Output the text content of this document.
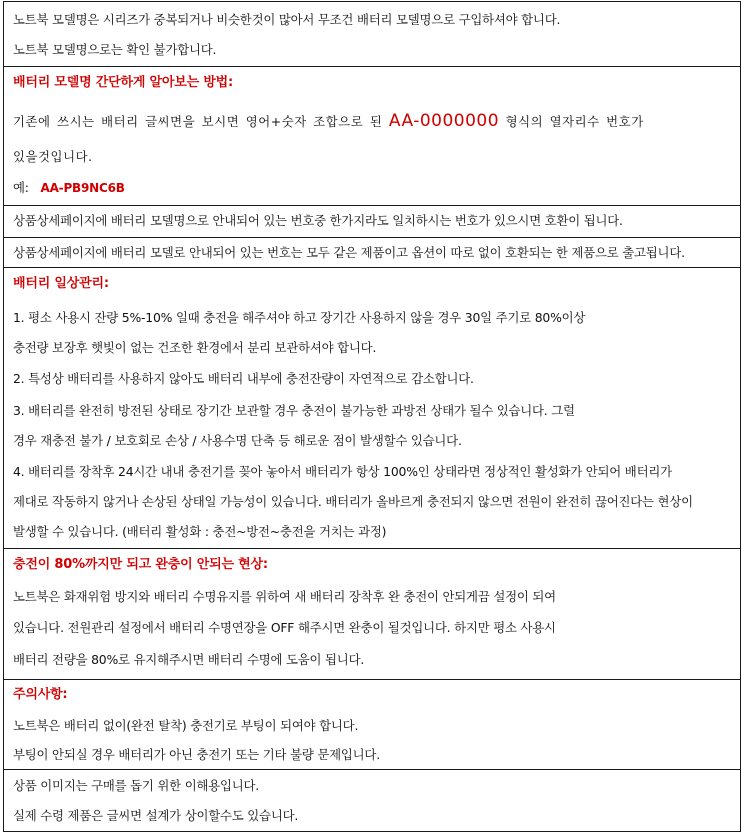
노트북 모델명은 시리즈가 중복되거나 비슷한것이 많아서 무조건 배터리 모델명으로 구입하셔야 합니다.
노트북 모델명으로는 확인 불가합니다.
배터리 모델명 간단하게 알아보는 방법:
기존에 쓰시는 배터리 글씨면을 보시면 영어+숫자 조합으로 된 AA-0000000 형식의 열자리수 번호가
있을것입니다.
예: AA-PB9NC6B
상품상세페이지에 배터리 모델명으로 안내되어 있는 번호중 한가지라도 일치하시는 번호가 있으시면 호환이 됩니다.
상품상세페이지에 배터리 모델로 안내되어 있는 번호는 모두 같은 제품이고 옵션이 따로 없이 호환되는 한 제품으로 출고됩니다.
배터리 일상관리:
1. 평소 사용시 잔량 5%-10% 일때 충전을 해주셔야 하고 장기간 사용하지 않을 경우 30일 주기로 80%이상
충전량 보장후 햇빛이 없는 건조한 환경에서 분리 보관하셔야 합니다.
2. 특성상 배터리를 사용하지 않아도 배터리 내부에 충전잔량이 자연적으로 감소합니다.
3. 배터리를 완전히 방전된 상태로 장기간 보관할 경우 충전이 불가능한 과방전 상태가 될수 있습니다. 그럴
경우 재충전 불가 / 보호회로 손상 / 사용수명 단축 등 해로운 점이 발생할수 있습니다.
4. 배터리를 장착후 24시간 내내 충전기를 꽂아 놓아서 배터리가 항상 100%인 상태라면 정상적인 활성화가 안되어 배터리가
제대로 작동하지 않거나 손상된 상태일 가능성이 있습니다. 배터리가 올바르게 충전되지 않으면 전원이 완전히 끊어진다는 현상이
발생할 수 있습니다. (배터리 활성화 : 충전~방전~충전을 거치는 과정)
충전이 80%까지만 되고 완충이 안되는 현상:
노트북은 화재위험 방지와 배터리 수명유지를 위하여 새 배터리 장착후 완 충전이 안되게끔 설정이 되여
있습니다. 전원관리 설정에서 배터리 수명연장을 OFF 해주시면 완충이 될것입니다. 하지만 평소 사용시
배터리 전량을 80%로 유지해주시면 배터리 수명에 도움이 됩니다.
주의사항:
노트북은 배터리 없이(완전 탈착) 충전기로 부팅이 되여야 합니다.
부팅이 안되실 경우 배터리가 아닌 충전기 또는 기타 불량 문제입니다.
상품 이미지는 구매를 돕기 위한 이해용입니다.
실제 수령 제품은 글씨면 설계가 상이할수도 있습니다.
